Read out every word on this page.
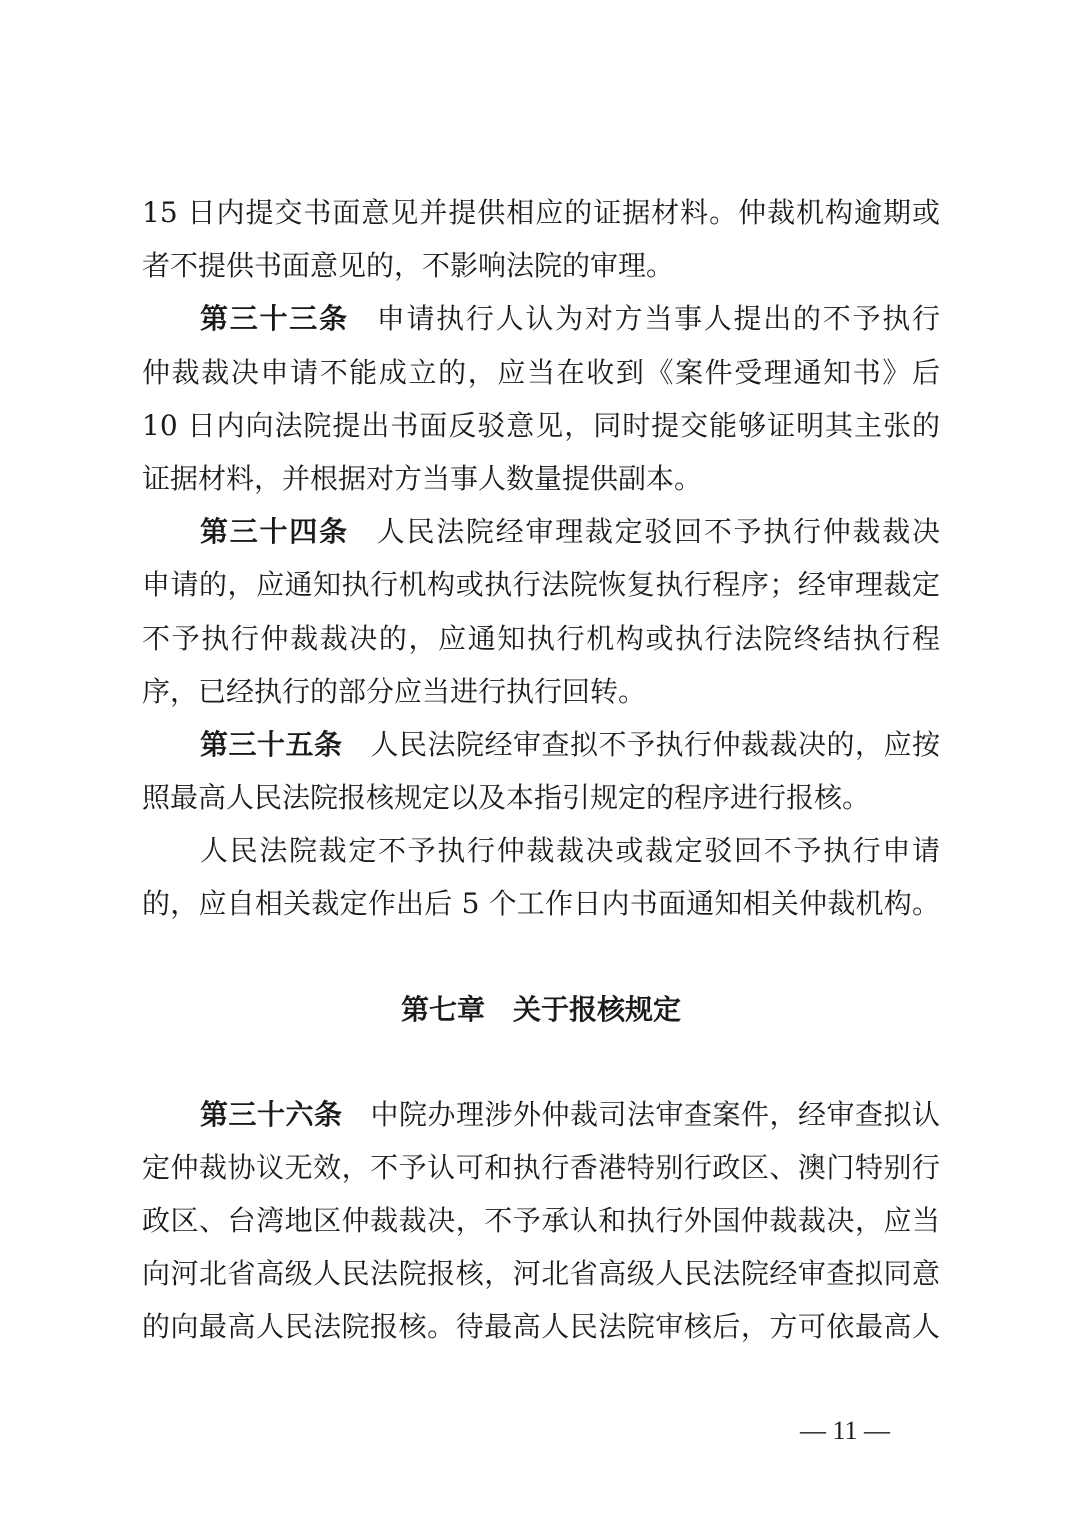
15 日内提交书面意见并提供相应的证据材料。仲裁机构逾期或
者不提供书面意见的，不影响法院的审理。
第三十三条 申请执行人认为对方当事人提出的不予执行
仲裁裁决申请不能成立的，应当在收到《案件受理通知书》后
10 日内向法院提出书面反驳意见，同时提交能够证明其主张的
证据材料，并根据对方当事人数量提供副本。
第三十四条 人民法院经审理裁定驳回不予执行仲裁裁决
申请的，应通知执行机构或执行法院恢复执行程序；经审理裁定
不予执行仲裁裁决的，应通知执行机构或执行法院终结执行程
序，已经执行的部分应当进行执行回转。
第三十五条 人民法院经审查拟不予执行仲裁裁决的，应按
照最高人民法院报核规定以及本指引规定的程序进行报核。
人民法院裁定不予执行仲裁裁决或裁定驳回不予执行申请
的，应自相关裁定作出后 5 个工作日内书面通知相关仲裁机构。
第七章　关于报核规定
第三十六条 中院办理涉外仲裁司法审查案件，经审查拟认
定仲裁协议无效，不予认可和执行香港特别行政区、澳门特别行
政区、台湾地区仲裁裁决，不予承认和执行外国仲裁裁决，应当
向河北省高级人民法院报核，河北省高级人民法院经审查拟同意
的向最高人民法院报核。待最高人民法院审核后，方可依最高人
— 11 —
